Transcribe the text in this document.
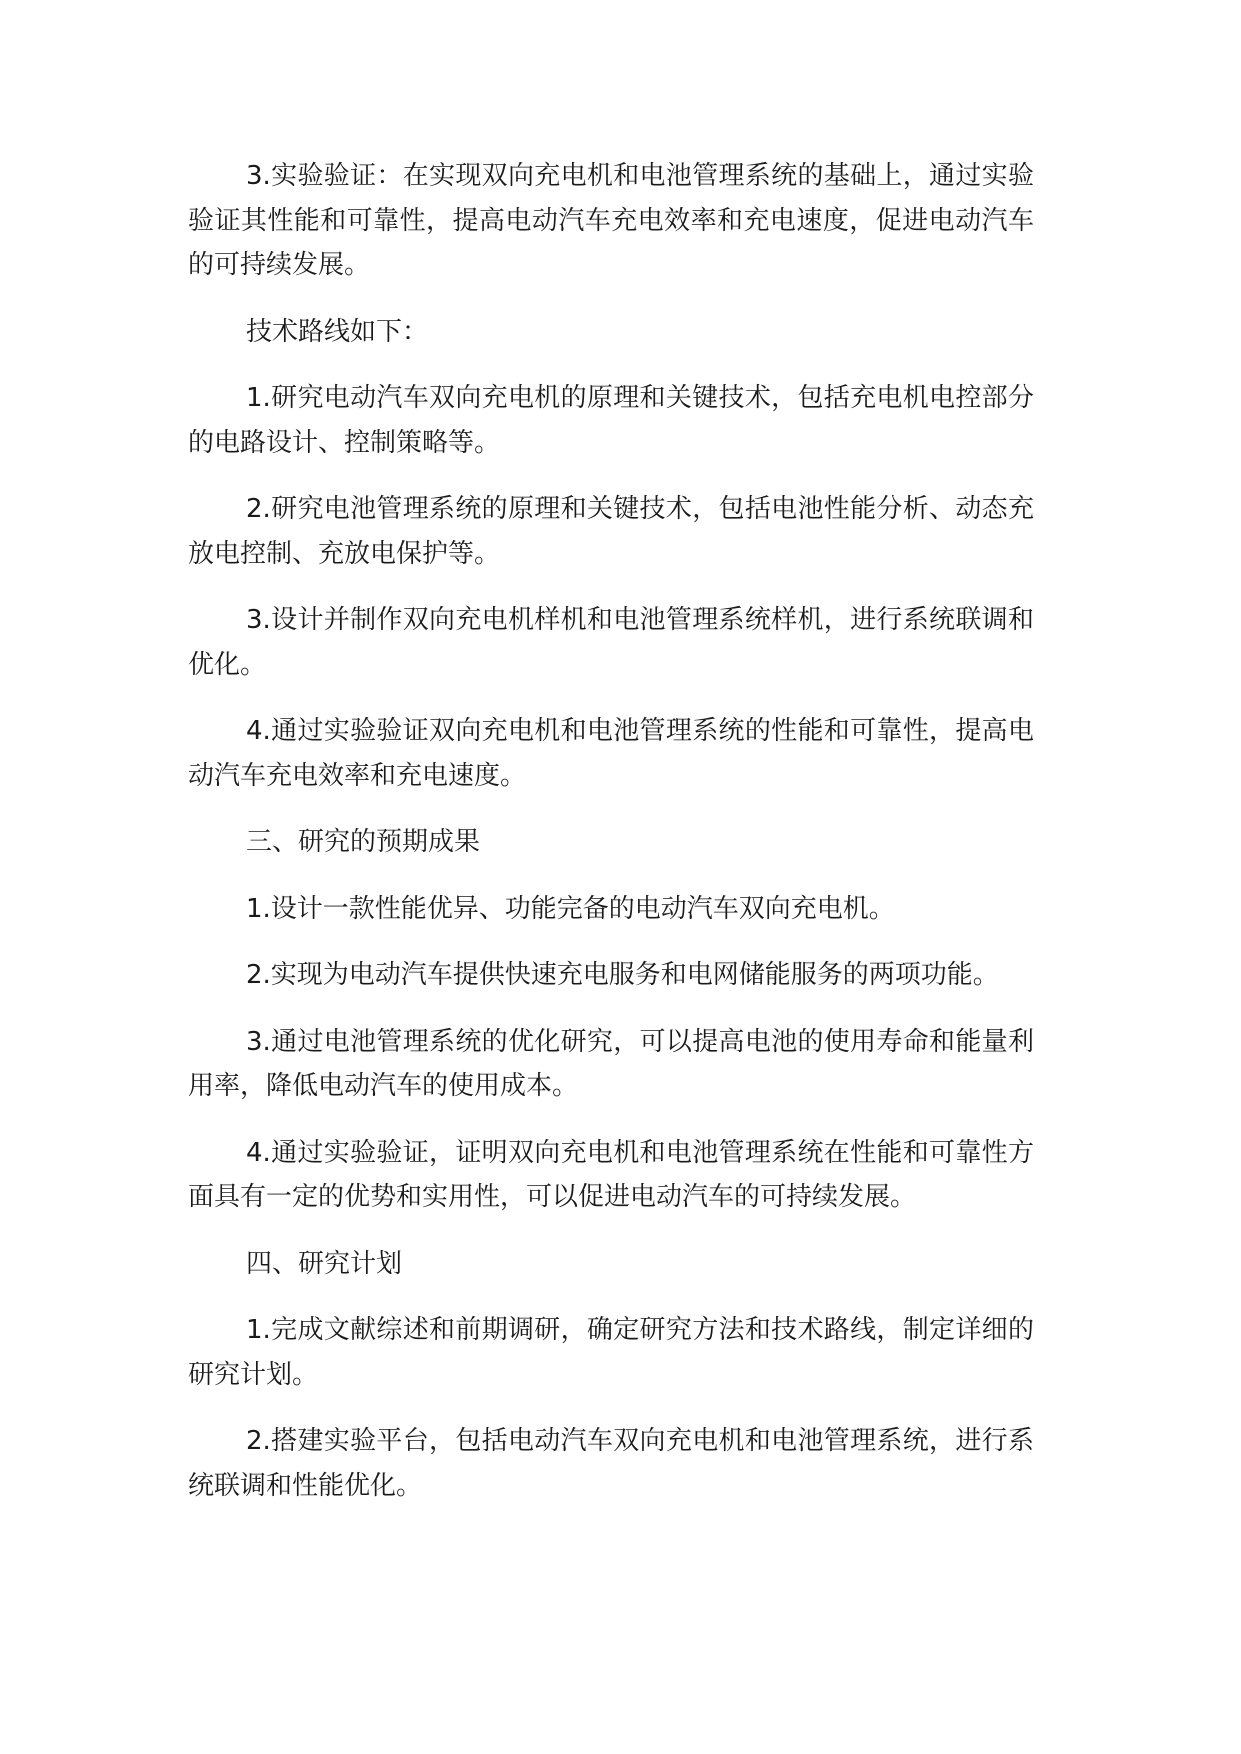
3.实验验证：在实现双向充电机和电池管理系统的基础上，通过实验验证其性能和可靠性，提高电动汽车充电效率和充电速度，促进电动汽车的可持续发展。

技术路线如下：

1.研究电动汽车双向充电机的原理和关键技术，包括充电机电控部分的电路设计、控制策略等。

2.研究电池管理系统的原理和关键技术，包括电池性能分析、动态充放电控制、充放电保护等。

3.设计并制作双向充电机样机和电池管理系统样机，进行系统联调和优化。

4.通过实验验证双向充电机和电池管理系统的性能和可靠性，提高电动汽车充电效率和充电速度。

三、研究的预期成果

1.设计一款性能优异、功能完备的电动汽车双向充电机。

2.实现为电动汽车提供快速充电服务和电网储能服务的两项功能。

3.通过电池管理系统的优化研究，可以提高电池的使用寿命和能量利用率，降低电动汽车的使用成本。

4.通过实验验证，证明双向充电机和电池管理系统在性能和可靠性方面具有一定的优势和实用性，可以促进电动汽车的可持续发展。

四、研究计划

1.完成文献综述和前期调研，确定研究方法和技术路线，制定详细的研究计划。

2.搭建实验平台，包括电动汽车双向充电机和电池管理系统，进行系统联调和性能优化。
